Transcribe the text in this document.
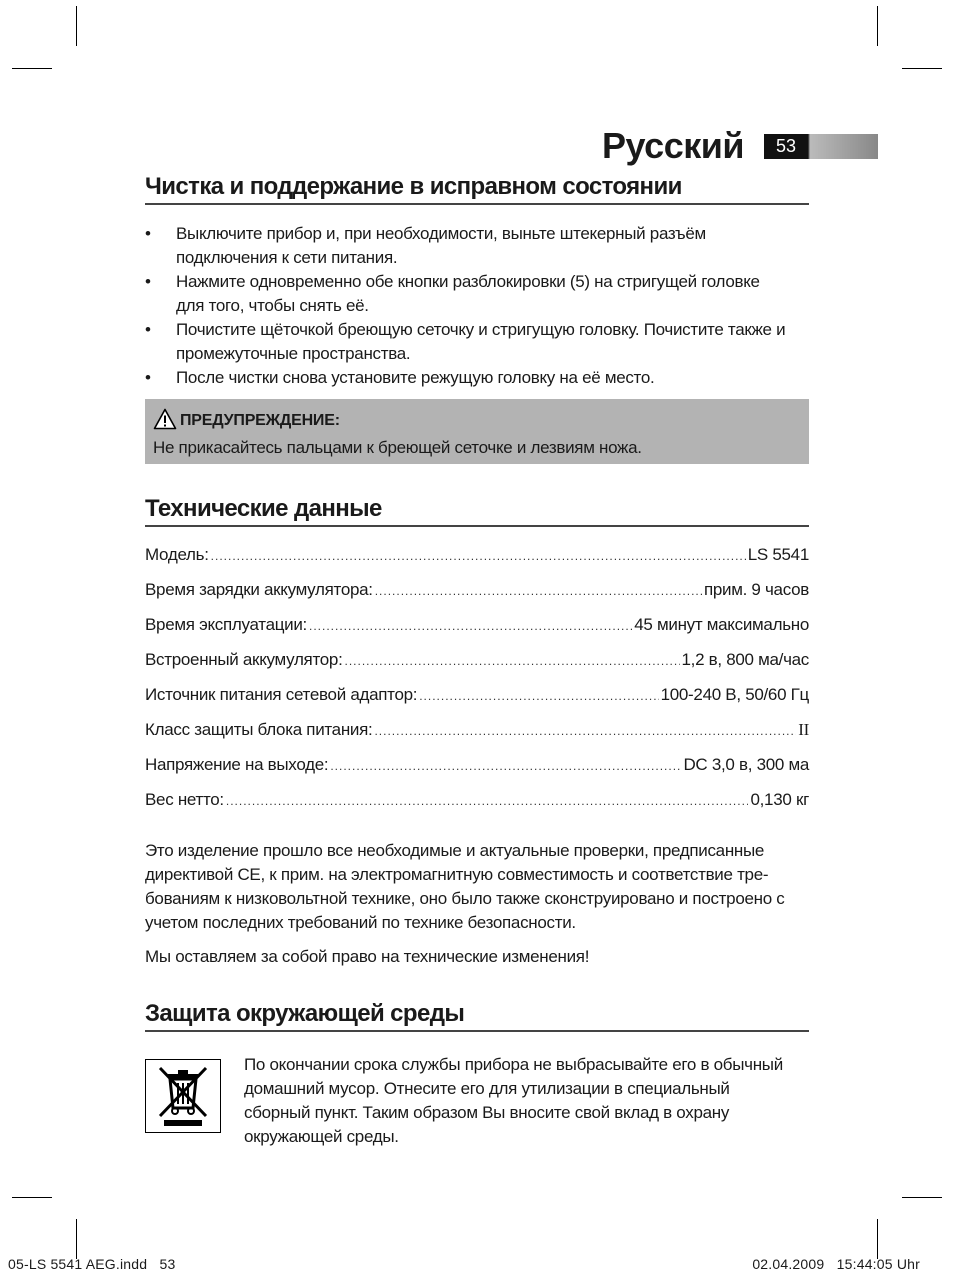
Русский	53
Чистка и поддержание в исправном состоянии
• Выключите прибор и, при необходимости, выньте штекерный разъём
подключения к сети питания.
• Нажмите одновременно обе кнопки разблокировки (5) на стригущей головке
для того, чтобы снять её.
• Почистите щёточкой бреющую сеточку и стригущую головку. Почистите также и
промежуточные пространства.
• После чистки снова установите режущую головку на её место.
ПРЕДУПРЕЖДЕНИЕ:
Не прикасайтесь пальцами к бреющей сеточке и лезвиям ножа.
Технические данные
Модель: .....	LS 5541
Время зарядки аккумулятора: .....	прим. 9 часов
Время эксплуатации: .....	45 минут максимально
Встроенный аккумулятор: .....	1,2 в, 800 ма/час
Источник питания сетевой адаптор: .....	100-240 В, 50/60 Гц
Класс защиты блока питания: .....	II
Напряжение на выходе: .....	DC 3,0 в, 300 ма
Вес нетто: .....	0,130 кг
Это изделение прошло все необходимые и актуальные проверки, предписанные
директивой CE, к прим. на электромагнитную совместимость и соответствие тре-
бованиям к низковольтной технике, оно было также сконструировано и построено с
учетом последних требований по технике безопасности.
Мы оставляем за собой право на технические изменения!
Защита окружающей среды
По окончании срока службы прибора не выбрасывайте его в обычный
домашний мусор. Отнесите его для утилизации в специальный
сборный пункт. Таким образом Вы вносите свой вклад в охрану
окружающей среды.
05-LS 5541 AEG.indd   53	02.04.2009   15:44:05 Uhr
